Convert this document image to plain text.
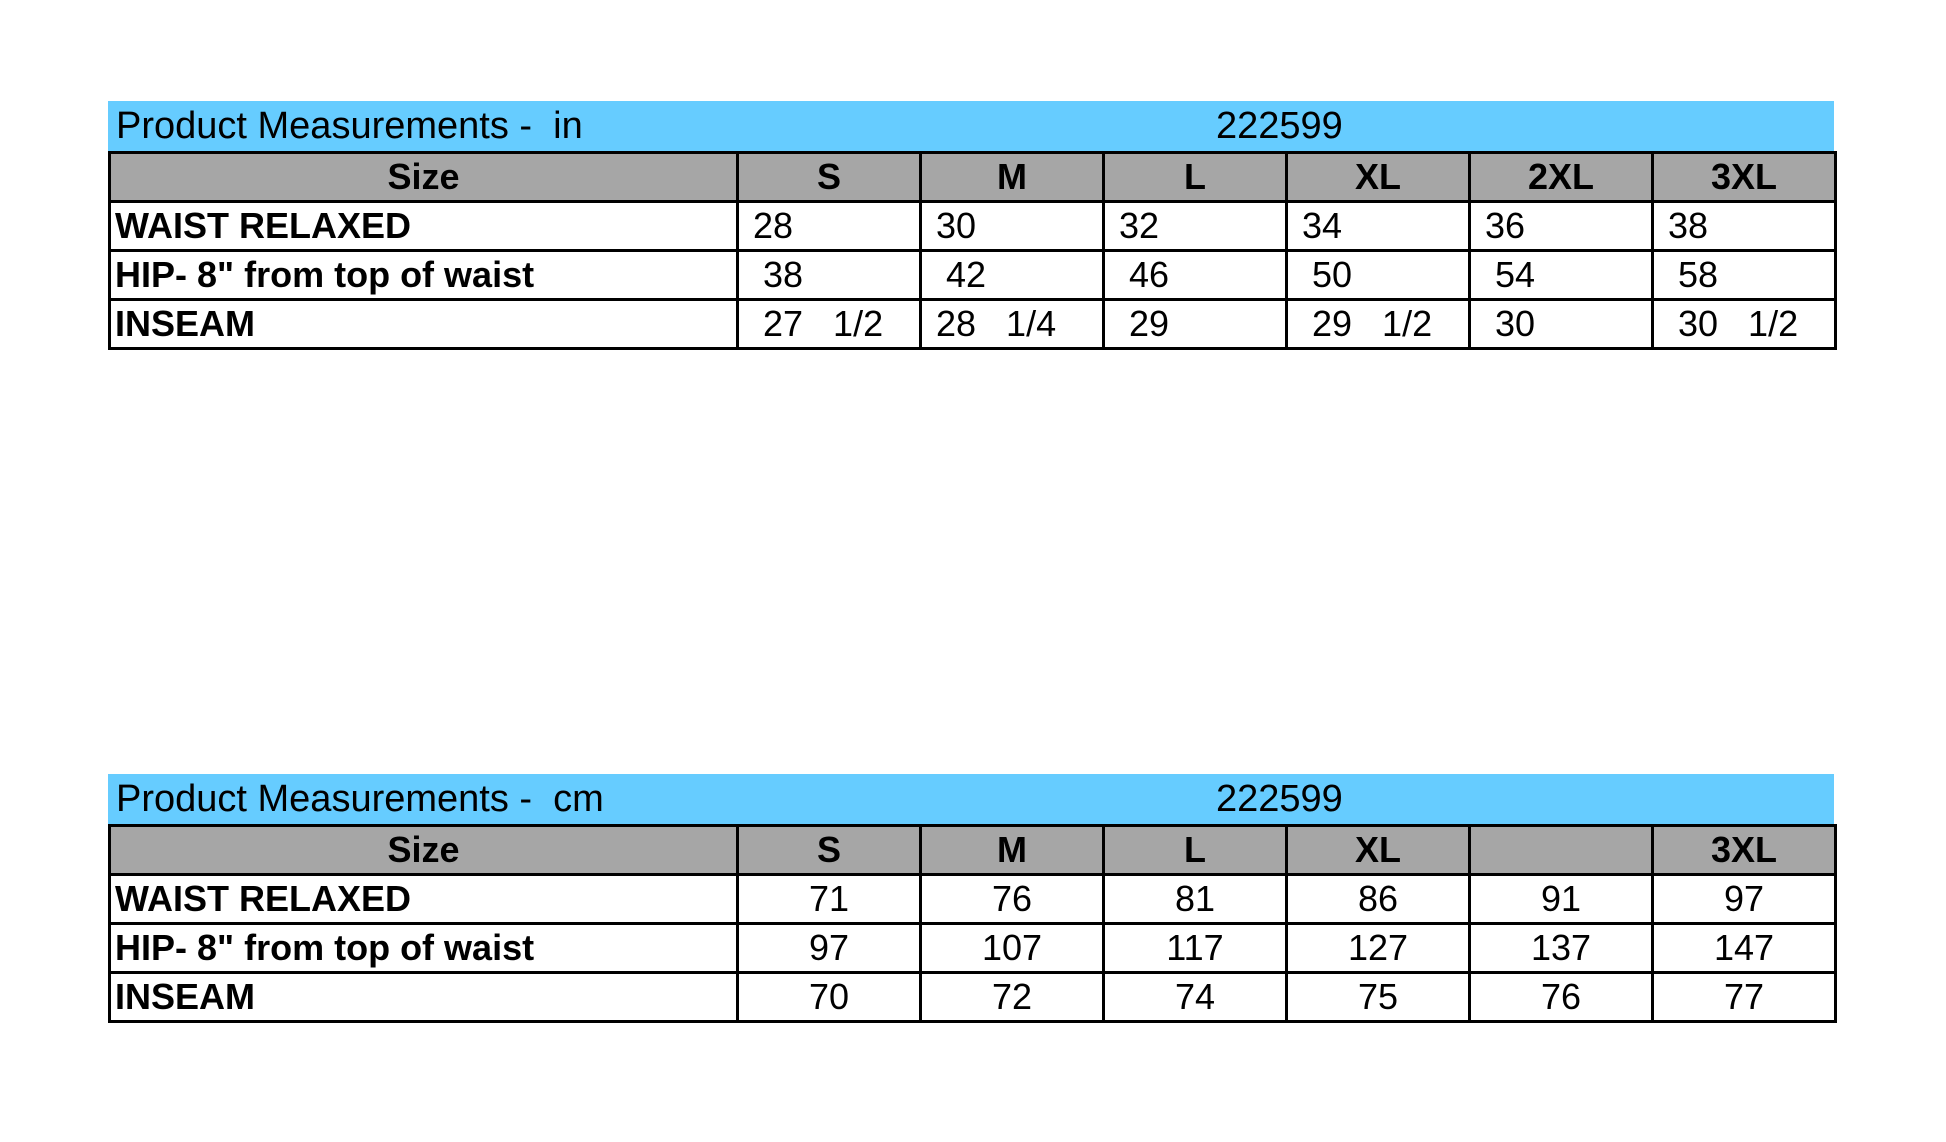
Product Measurements -  in	222599
Size	S	M	L	XL	2XL	3XL
WAIST RELAXED	28	30	32	34	36	38
HIP- 8" from top of waist	38	42	46	50	54	58
INSEAM	27   1/2	28   1/4	29	29   1/2	30	30   1/2
Product Measurements -  cm	222599
Size	S	M	L	XL		3XL
WAIST RELAXED	71	76	81	86	91	97
HIP- 8" from top of waist	97	107	117	127	137	147
INSEAM	70	72	74	75	76	77
